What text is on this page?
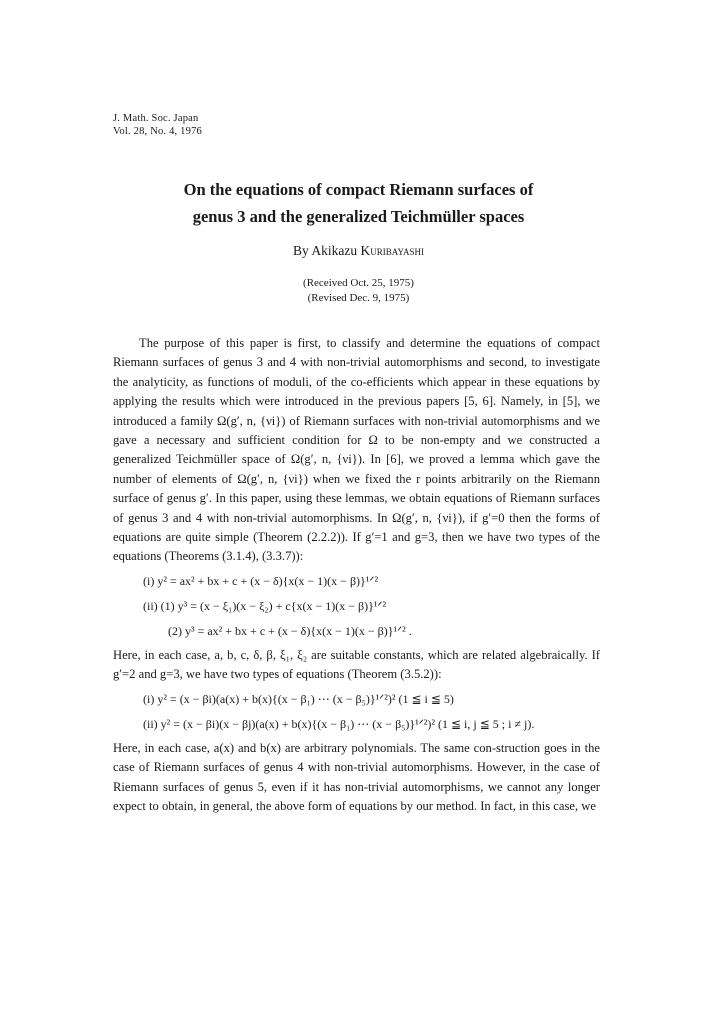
J. Math. Soc. Japan
Vol. 28, No. 4, 1976
On the equations of compact Riemann surfaces of
genus 3 and the generalized Teichmüller spaces
By Akikazu Kuribayashi
(Received Oct. 25, 1975)
(Revised Dec. 9, 1975)

The purpose of this paper is first, to classify and determine the equations of compact Riemann surfaces of genus 3 and 4 with non-trivial automorphisms and second, to investigate the analyticity, as functions of moduli, of the co-efficients which appear in these equations by applying the results which were introduced in the previous papers [5, 6]. Namely, in [5], we introduced a family Ω(g′, n, {νi}) of Riemann surfaces with non-trivial automorphisms and we gave a necessary and sufficient condition for Ω to be non-empty and we constructed a generalized Teichmüller space of Ω(g′, n, {νi}). In [6], we proved a lemma which gave the number of elements of Ω(g′, n, {νi}) when we fixed the r points arbitrarily on the Riemann surface of genus g′. In this paper, using these lemmas, we obtain equations of Riemann surfaces of genus 3 and 4 with non-trivial automorphisms. In Ω(g′, n, {νi}), if g′=0 then the forms of equations are quite simple (Theorem (2.2.2)). If g′=1 and g=3, then we have two types of the equations (Theorems (3.1.4), (3.3.7)):

(i) y² = ax² + bx + c + (x − δ){x(x − 1)(x − β)}¹ᐟ²
(ii) (1) y³ = (x − ξ₁)(x − ξ₂) + c{x(x − 1)(x − β)}¹ᐟ²
(2) y³ = ax² + bx + c + (x − δ){x(x − 1)(x − β)}¹ᐟ² .

Here, in each case, a, b, c, δ, β, ξ₁, ξ₂ are suitable constants, which are related algebraically. If g′=2 and g=3, we have two types of equations (Theorem (3.5.2)):

(i) y² = (x − βi)(a(x) + b(x){(x − β₁) ⋯ (x − β₅)}¹ᐟ²)² (1 ≦ i ≦ 5)
(ii) y² = (x − βi)(x − βj)(a(x) + b(x){(x − β₁) ⋯ (x − β₅)}¹ᐟ²)² (1 ≦ i, j ≦ 5 ; i ≠ j).

Here, in each case, a(x) and b(x) are arbitrary polynomials. The same con-struction goes in the case of Riemann surfaces of genus 4 with non-trivial automorphisms. However, in the case of Riemann surfaces of genus 5, even if it has non-trivial automorphisms, we cannot any longer expect to obtain, in general, the above form of equations by our method. In fact, in this case, we
